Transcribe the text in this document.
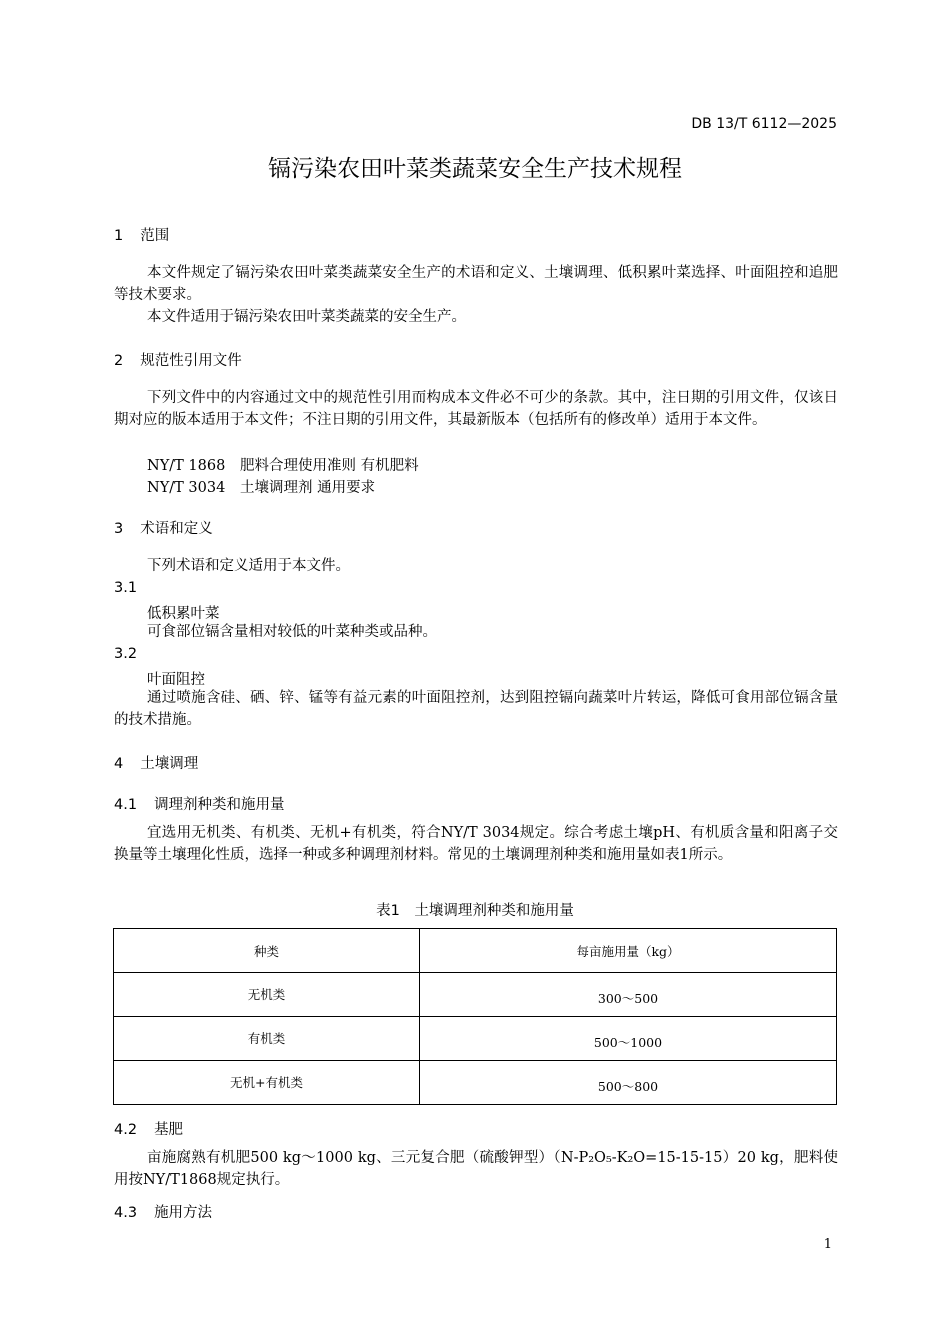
DB 13/T 6112—2025
镉污染农田叶菜类蔬菜安全生产技术规程
1 范围
本文件规定了镉污染农田叶菜类蔬菜安全生产的术语和定义、土壤调理、低积累叶菜选择、叶面阻控和追肥等技术要求。
本文件适用于镉污染农田叶菜类蔬菜的安全生产。
2 规范性引用文件
下列文件中的内容通过文中的规范性引用而构成本文件必不可少的条款。其中，注日期的引用文件，仅该日期对应的版本适用于本文件；不注日期的引用文件，其最新版本（包括所有的修改单）适用于本文件。
NY/T 1868 肥料合理使用准则 有机肥料
NY/T 3034 土壤调理剂 通用要求
3 术语和定义
下列术语和定义适用于本文件。
3.1
低积累叶菜
可食部位镉含量相对较低的叶菜种类或品种。
3.2
叶面阻控
通过喷施含硅、硒、锌、锰等有益元素的叶面阻控剂，达到阻控镉向蔬菜叶片转运，降低可食用部位镉含量的技术措施。
4 土壤调理
4.1 调理剂种类和施用量
宜选用无机类、有机类、无机+有机类，符合NY/T 3034规定。综合考虑土壤pH、有机质含量和阳离子交换量等土壤理化性质，选择一种或多种调理剂材料。常见的土壤调理剂种类和施用量如表1所示。
表1　土壤调理剂种类和施用量
种类	每亩施用量（kg）

无机类	300～500

有机类	500～1000

无机+有机类	500～800
4.2 基肥
亩施腐熟有机肥500 kg～1000 kg、三元复合肥（硫酸钾型）（N-P₂O₅-K₂O=15-15-15）20 kg，肥料使用按NY/T1868规定执行。
4.3 施用方法
1
